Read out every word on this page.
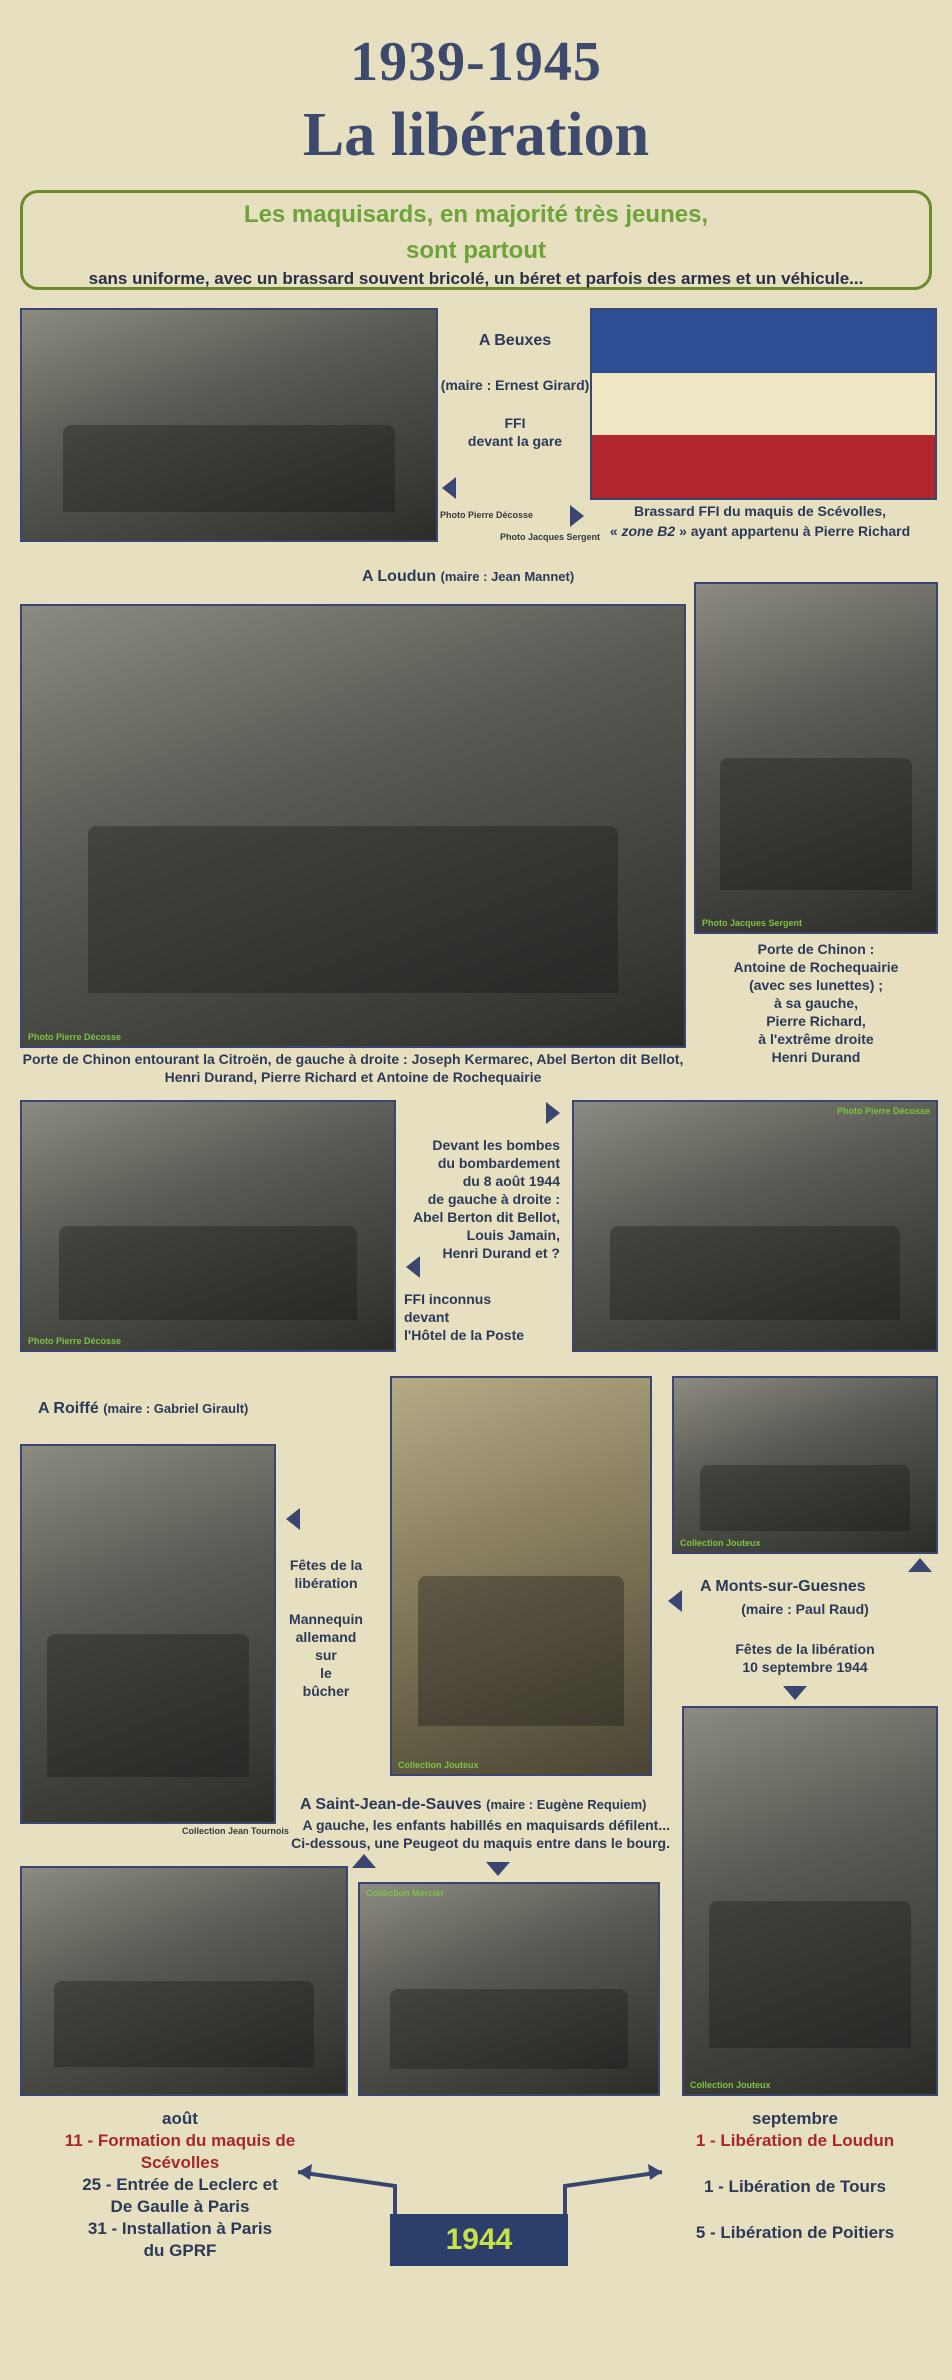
1939-1945
La libération
Les maquisards, en majorité très jeunes,
sont partout
sans uniforme, avec un brassard souvent bricolé, un béret et parfois des armes et un véhicule...
A Beuxes
(maire : Ernest Girard)
FFI
devant la gare
Photo Pierre Décosse
Photo Jacques Sergent
Brassard FFI du maquis de Scévolles,
« zone B2 » ayant appartenu à Pierre Richard
A Loudun (maire : Jean Mannet)
Photo Pierre Décosse
Porte de Chinon entourant la Citroën, de gauche à droite : Joseph Kermarec, Abel Berton dit Bellot,
Henri Durand, Pierre Richard et Antoine de Rochequairie
Photo Jacques Sergent
Porte de Chinon :
Antoine de Rochequairie
(avec ses lunettes) ;
à sa gauche,
Pierre Richard,
à l'extrême droite
Henri Durand
Photo Pierre Décosse
Devant les bombes
du bombardement
du 8 août 1944
de gauche à droite :
Abel Berton dit Bellot,
Louis Jamain,
Henri Durand et ?
FFI inconnus
devant
l'Hôtel de la Poste
Photo Pierre Décosse
A Roiffé (maire : Gabriel Girault)
Collection Jean Tournois
Fêtes de la
libération
Mannequin
allemand
sur
le
bûcher
Collection Jouteux
Collection Jouteux
A Monts-sur-Guesnes
(maire : Paul Raud)
Fêtes de la libération
10 septembre 1944
Collection Jouteux
A Saint-Jean-de-Sauves (maire : Eugène Requiem)
A gauche, les enfants habillés en maquisards défilent...
Ci-dessous, une Peugeot du maquis entre dans le bourg.
Collection Mercier
août
11 - Formation du maquis de
Scévolles
25 - Entrée de Leclerc et
De Gaulle à Paris
31 - Installation à Paris
du GPRF
septembre
1 - Libération de Loudun
1 - Libération de Tours
5 - Libération de Poitiers
1944
